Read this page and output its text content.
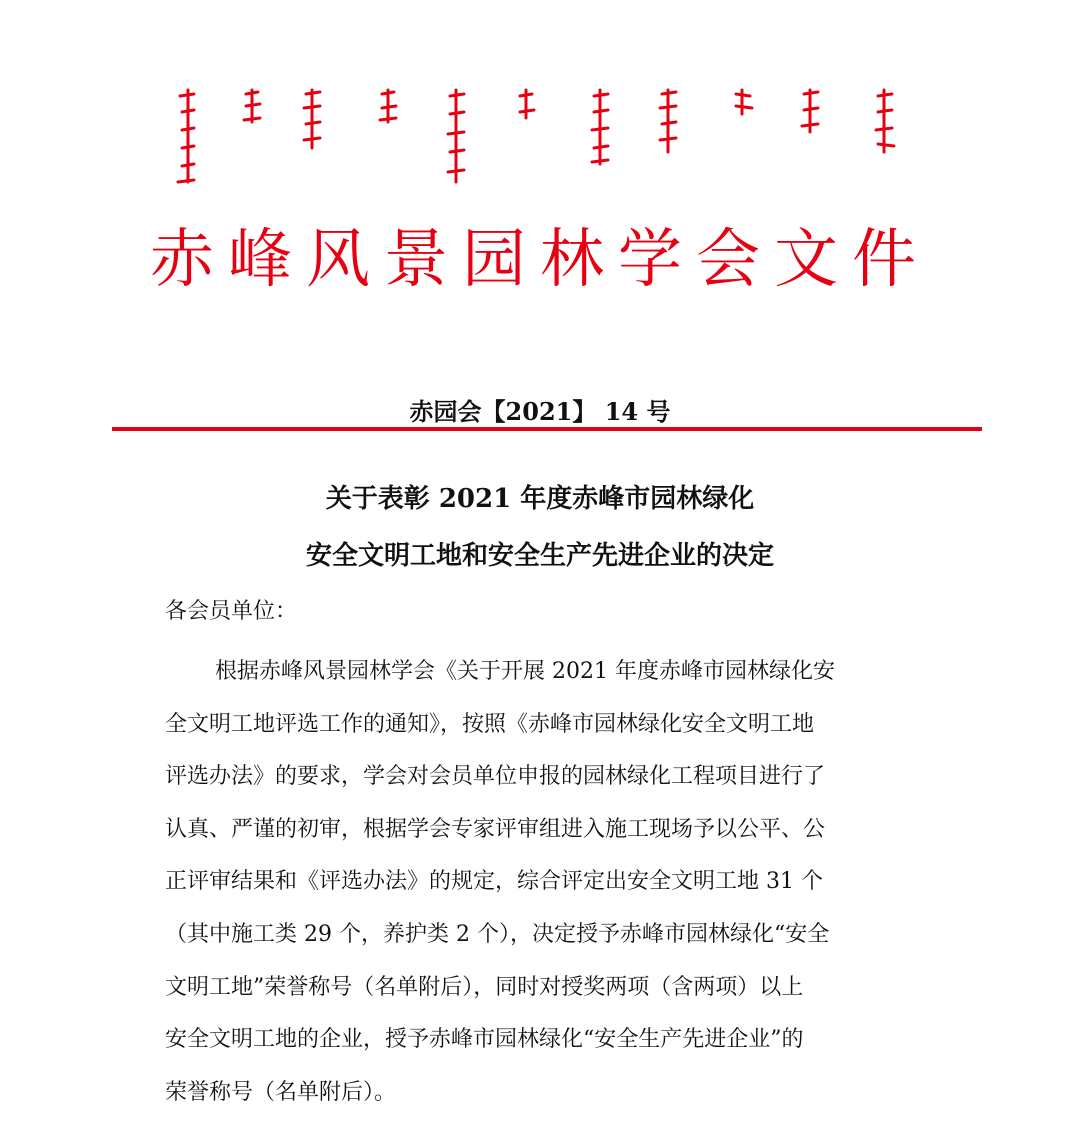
赤峰风景园林学会文件
赤园会【2021】 14 号
关于表彰 2021 年度赤峰市园林绿化
安全文明工地和安全生产先进企业的决定
各会员单位：
根据赤峰风景园林学会《关于开展 2021 年度赤峰市园林绿化安
全文明工地评选工作的通知》，按照《赤峰市园林绿化安全文明工地
评选办法》的要求，学会对会员单位申报的园林绿化工程项目进行了
认真、严谨的初审，根据学会专家评审组进入施工现场予以公平、公
正评审结果和《评选办法》的规定，综合评定出安全文明工地 31 个
（其中施工类 29 个，养护类 2 个），决定授予赤峰市园林绿化“安全
文明工地”荣誉称号（名单附后），同时对授奖两项（含两项）以上
安全文明工地的企业，授予赤峰市园林绿化“安全生产先进企业”的
荣誉称号（名单附后）。
